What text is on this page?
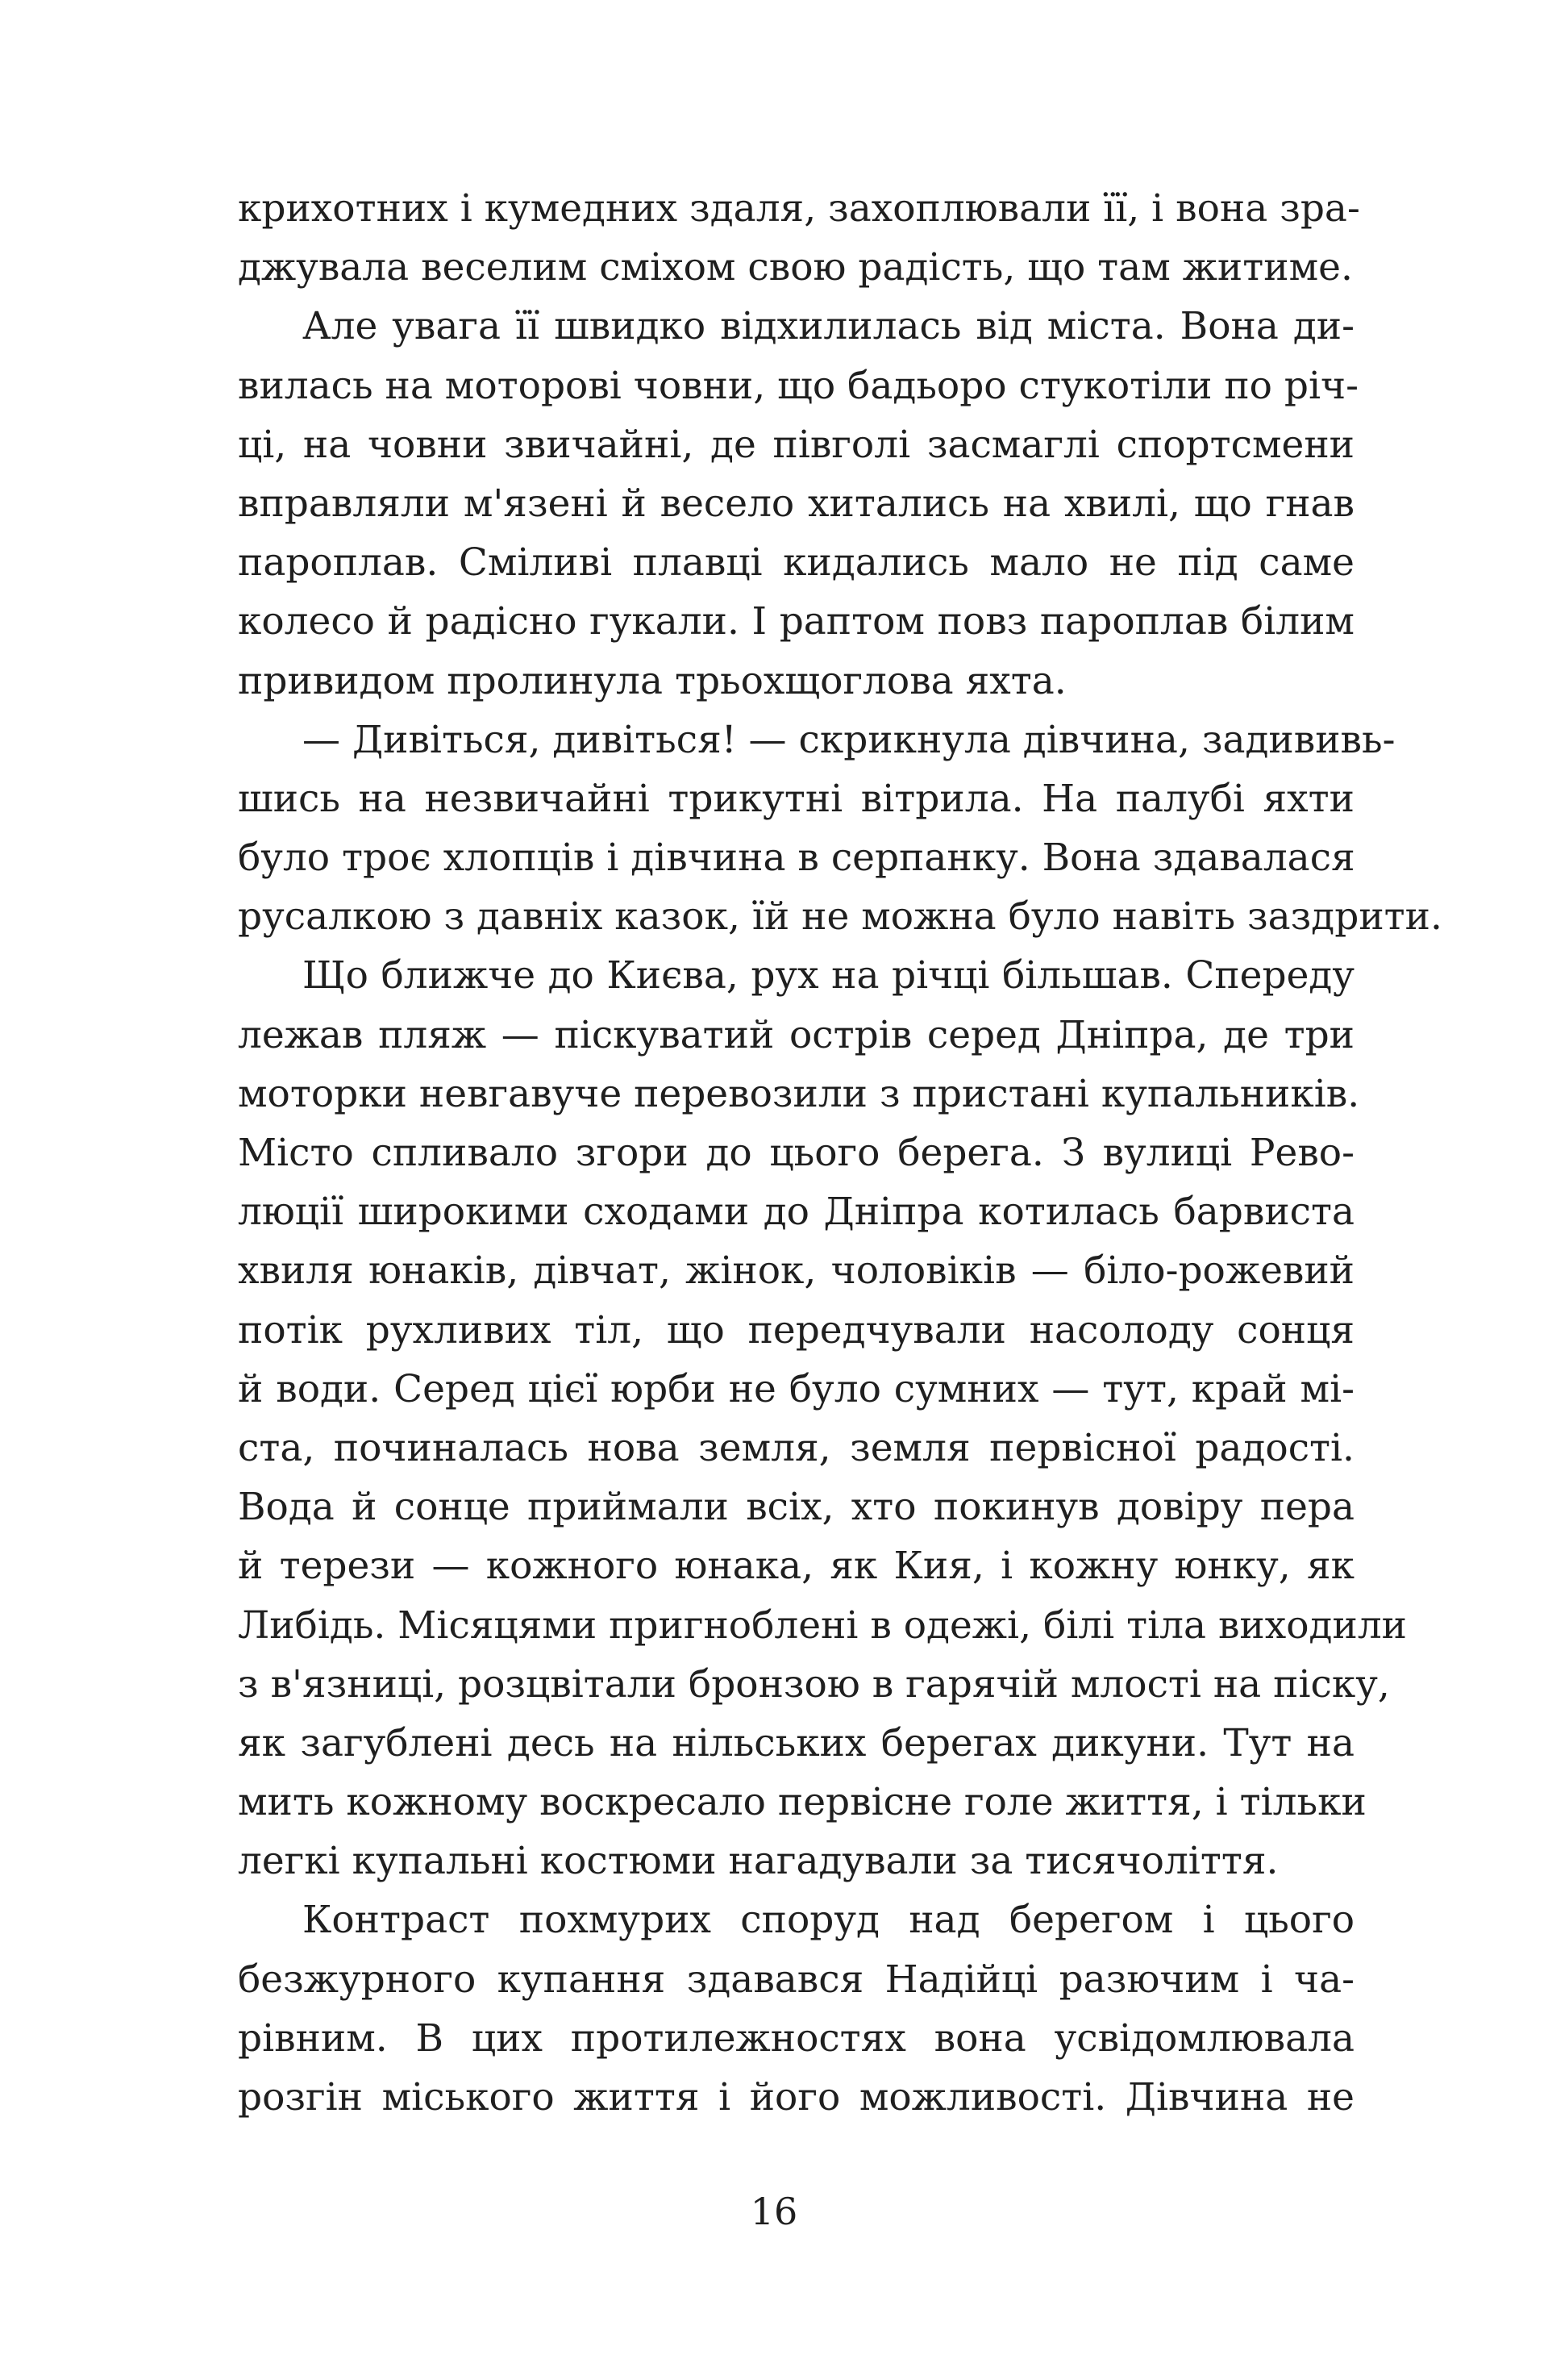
крихотних і кумедних здаля, захоплювали її, і вона зра-
джувала веселим сміхом свою радість, що там житиме.
Але увага її швидко відхилилась від міста. Вона ди-
вилась на моторові човни, що бадьоро стукотіли по річ-
ці, на човни звичайні, де півголі засмаглі спортсмени
вправляли м'язені й весело хитались на хвилі, що гнав
пароплав. Сміливі плавці кидались мало не під саме
колесо й радісно гукали. І раптом повз пароплав білим
привидом пролинула трьохщоглова яхта.
— Дивіться, дивіться! — скрикнула дівчина, задививь-
шись на незвичайні трикутні вітрила. На палубі яхти
було троє хлопців і дівчина в серпанку. Вона здавалася
русалкою з давніх казок, їй не можна було навіть заздрити.
Що ближче до Києва, рух на річці більшав. Спереду
лежав пляж — піскуватий острів серед Дніпра, де три
моторки невгавуче перевозили з пристані купальників.
Місто спливало згори до цього берега. З вулиці Рево-
люції широкими сходами до Дніпра котилась барвиста
хвиля юнаків, дівчат, жінок, чоловіків — біло-рожевий
потік рухливих тіл, що передчували насолоду сонця
й води. Серед цієї юрби не було сумних — тут, край мі-
ста, починалась нова земля, земля первісної радості.
Вода й сонце приймали всіх, хто покинув довіру пера
й терези — кожного юнака, як Кия, і кожну юнку, як
Либідь. Місяцями пригноблені в одежі, білі тіла виходили
з в'язниці, розцвітали бронзою в гарячій млості на піску,
як загублені десь на нільських берегах дикуни. Тут на
мить кожному воскресало первісне голе життя, і тільки
легкі купальні костюми нагадували за тисячоліття.
Контраст похмурих споруд над берегом і цього
безжурного купання здавався Надійці разючим і ча-
рівним. В цих протилежностях вона усвідомлювала
розгін міського життя і його можливості. Дівчина не
16
